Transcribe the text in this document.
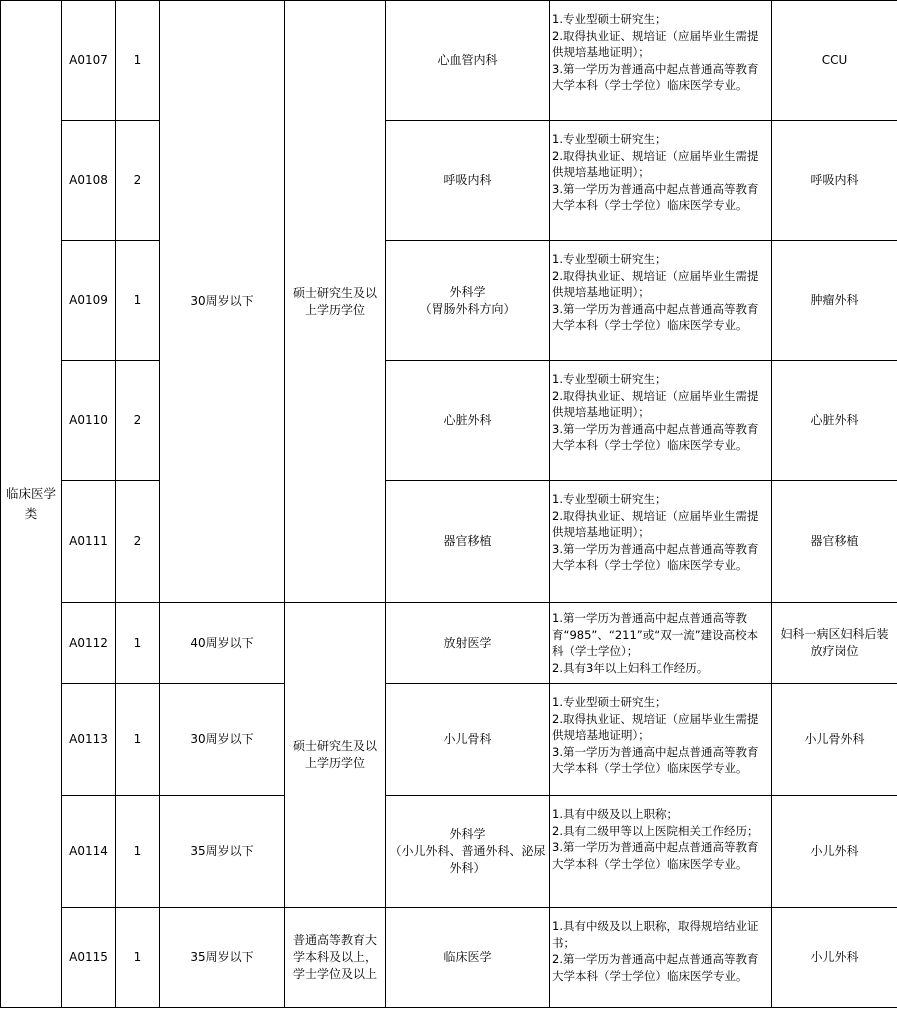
临床医学类	A0107	1	30周岁以下	硕士研究生及以上学历学位	心血管内科	1.专业型硕士研究生；
2.取得执业证、规培证（应届毕业生需提供规培基地证明）；
3.第一学历为普通高中起点普通高等教育大学本科（学士学位）临床医学专业。	CCU
	A0108	2			呼吸内科	1.专业型硕士研究生；
2.取得执业证、规培证（应届毕业生需提供规培基地证明）；
3.第一学历为普通高中起点普通高等教育大学本科（学士学位）临床医学专业。	呼吸内科
	A0109	1			外科学
（胃肠外科方向）	1.专业型硕士研究生；
2.取得执业证、规培证（应届毕业生需提供规培基地证明）；
3.第一学历为普通高中起点普通高等教育大学本科（学士学位）临床医学专业。	肿瘤外科
	A0110	2			心脏外科	1.专业型硕士研究生；
2.取得执业证、规培证（应届毕业生需提供规培基地证明）；
3.第一学历为普通高中起点普通高等教育大学本科（学士学位）临床医学专业。	心脏外科
	A0111	2			器官移植	1.专业型硕士研究生；
2.取得执业证、规培证（应届毕业生需提供规培基地证明）；
3.第一学历为普通高中起点普通高等教育大学本科（学士学位）临床医学专业。	器官移植
	A0112	1	40周岁以下	硕士研究生及以上学历学位	放射医学	1.第一学历为普通高中起点普通高等教育“985”、“211”或“双一流”建设高校本科（学士学位）；
2.具有3年以上妇科工作经历。	妇科一病区妇科后装放疗岗位
	A0113	1	30周岁以下		小儿骨科	1.专业型硕士研究生；
2.取得执业证、规培证（应届毕业生需提供规培基地证明）；
3.第一学历为普通高中起点普通高等教育大学本科（学士学位）临床医学专业。	小儿骨外科
	A0114	1	35周岁以下		外科学
（小儿外科、普通外科、泌尿外科）	1.具有中级及以上职称；
2.具有二级甲等以上医院相关工作经历；
3.第一学历为普通高中起点普通高等教育大学本科（学士学位）临床医学专业。	小儿外科
	A0115	1	35周岁以下	普通高等教育大学本科及以上，学士学位及以上	临床医学	1.具有中级及以上职称，取得规培结业证书；
2.第一学历为普通高中起点普通高等教育大学本科（学士学位）临床医学专业。	小儿外科
